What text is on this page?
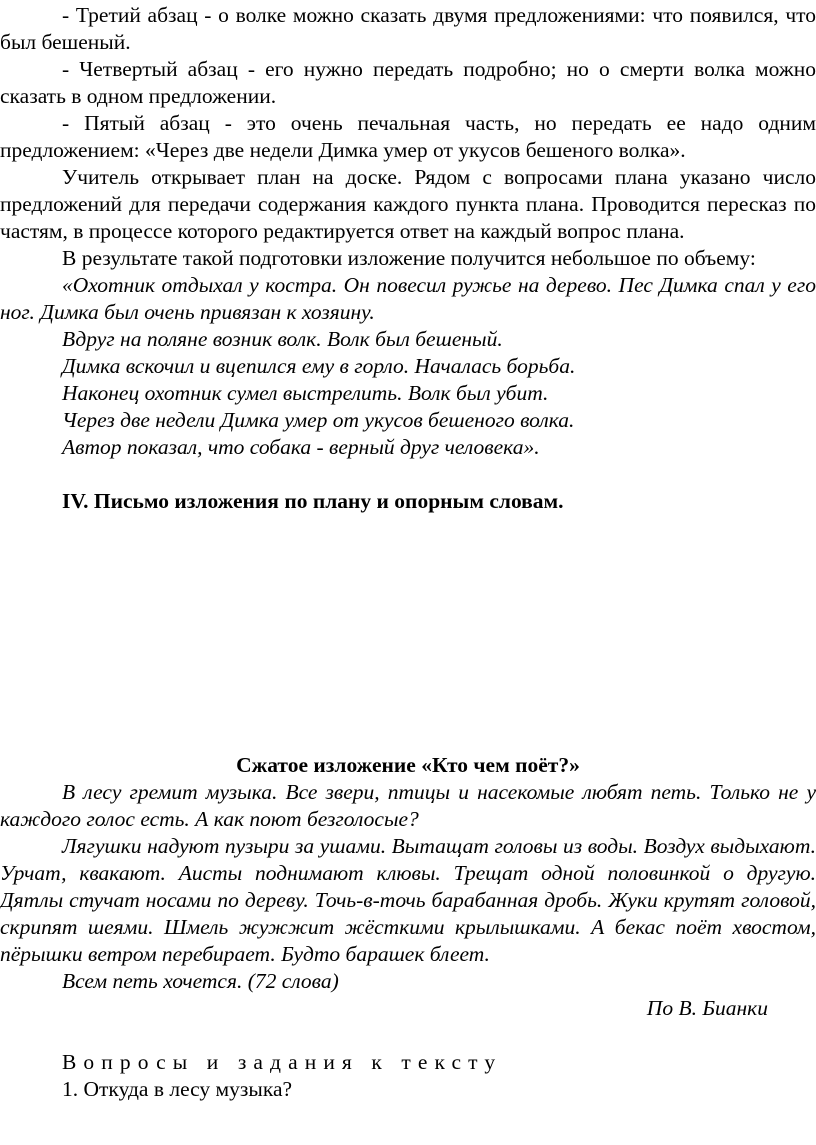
- Третий абзац - о волке можно сказать двумя предложениями: что появился, что был бешеный.

- Четвертый абзац - его нужно передать подробно; но о смерти волка можно сказать в одном предложении.

- Пятый абзац - это очень печальная часть, но передать ее надо одним предложением: «Через две недели Димка умер от укусов бешеного волка».

Учитель открывает план на доске. Рядом с вопросами плана указано число предложений для передачи содержания каждого пункта плана. Проводится пересказ по частям, в процессе которого редактируется ответ на каждый вопрос плана.

В результате такой подготовки изложение получится небольшое по объему:

«Охотник отдыхал у костра. Он повесил ружье на дерево. Пес Димка спал у его ног. Димка был очень привязан к хозяину.

Вдруг на поляне возник волк. Волк был бешеный.

Димка вскочил и вцепился ему в горло. Началась борьба.

Наконец охотник сумел выстрелить. Волк был убит.

Через две недели Димка умер от укусов бешеного волка.

Автор показал, что собака - верный друг человека».

IV. Письмо изложения по плану и опорным словам.

Сжатое изложение «Кто чем поёт?»

В лесу гремит музыка. Все звери, птицы и насекомые любят петь. Только не у каждого голос есть. А как поют безголосые?

Лягушки надуют пузыри за ушами. Вытащат головы из воды. Воздух выдыхают. Урчат, квакают. Аисты поднимают клювы. Трещат одной половинкой о другую. Дятлы стучат носами по дереву. Точь-в-точь барабанная дробь. Жуки крутят головой, скрипят шеями. Шмель жужжит жёсткими крылышками. А бекас поёт хвостом, пёрышки ветром перебирает. Будто барашек блеет.

Всем петь хочется. (72 слова)

По В. Бианки

Вопросы и задания к тексту

1. Откуда в лесу музыка?
